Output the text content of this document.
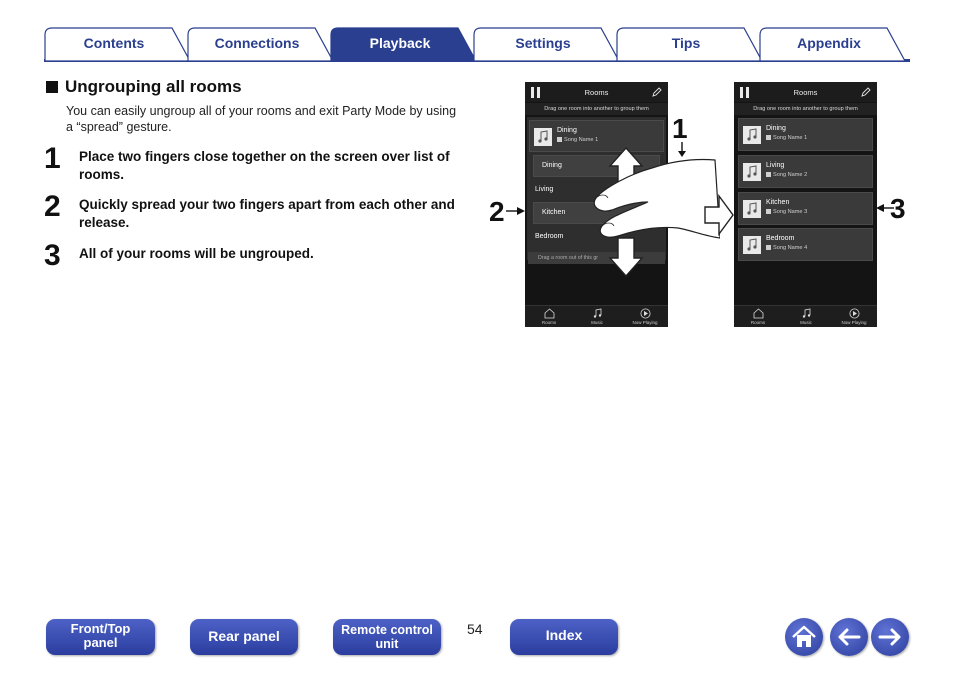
Contents	Connections	Playback	Settings	Tips	Appendix
Ungrouping all rooms

You can easily ungroup all of your rooms and exit Party Mode by using a “spread” gesture.

1 Place two fingers close together on the screen over list of rooms.
2 Quickly spread your two fingers apart from each other and release.
3 All of your rooms will be ungrouped.
Rooms
Drag one room into another to group them
Dining
Song Name 1
Dining
Living
Kitchen
Bedroom
Drag a room out of this gr
Rooms	Music	Now Playing
1
2
Rooms
Drag one room into another to group them
Dining
Song Name 1
Living
Song Name 2
Kitchen
Song Name 3
Bedroom
Song Name 4
Rooms	Music	Now Playing
3
Front/Top
panel	Rear panel	Remote control
unit
54	Index
